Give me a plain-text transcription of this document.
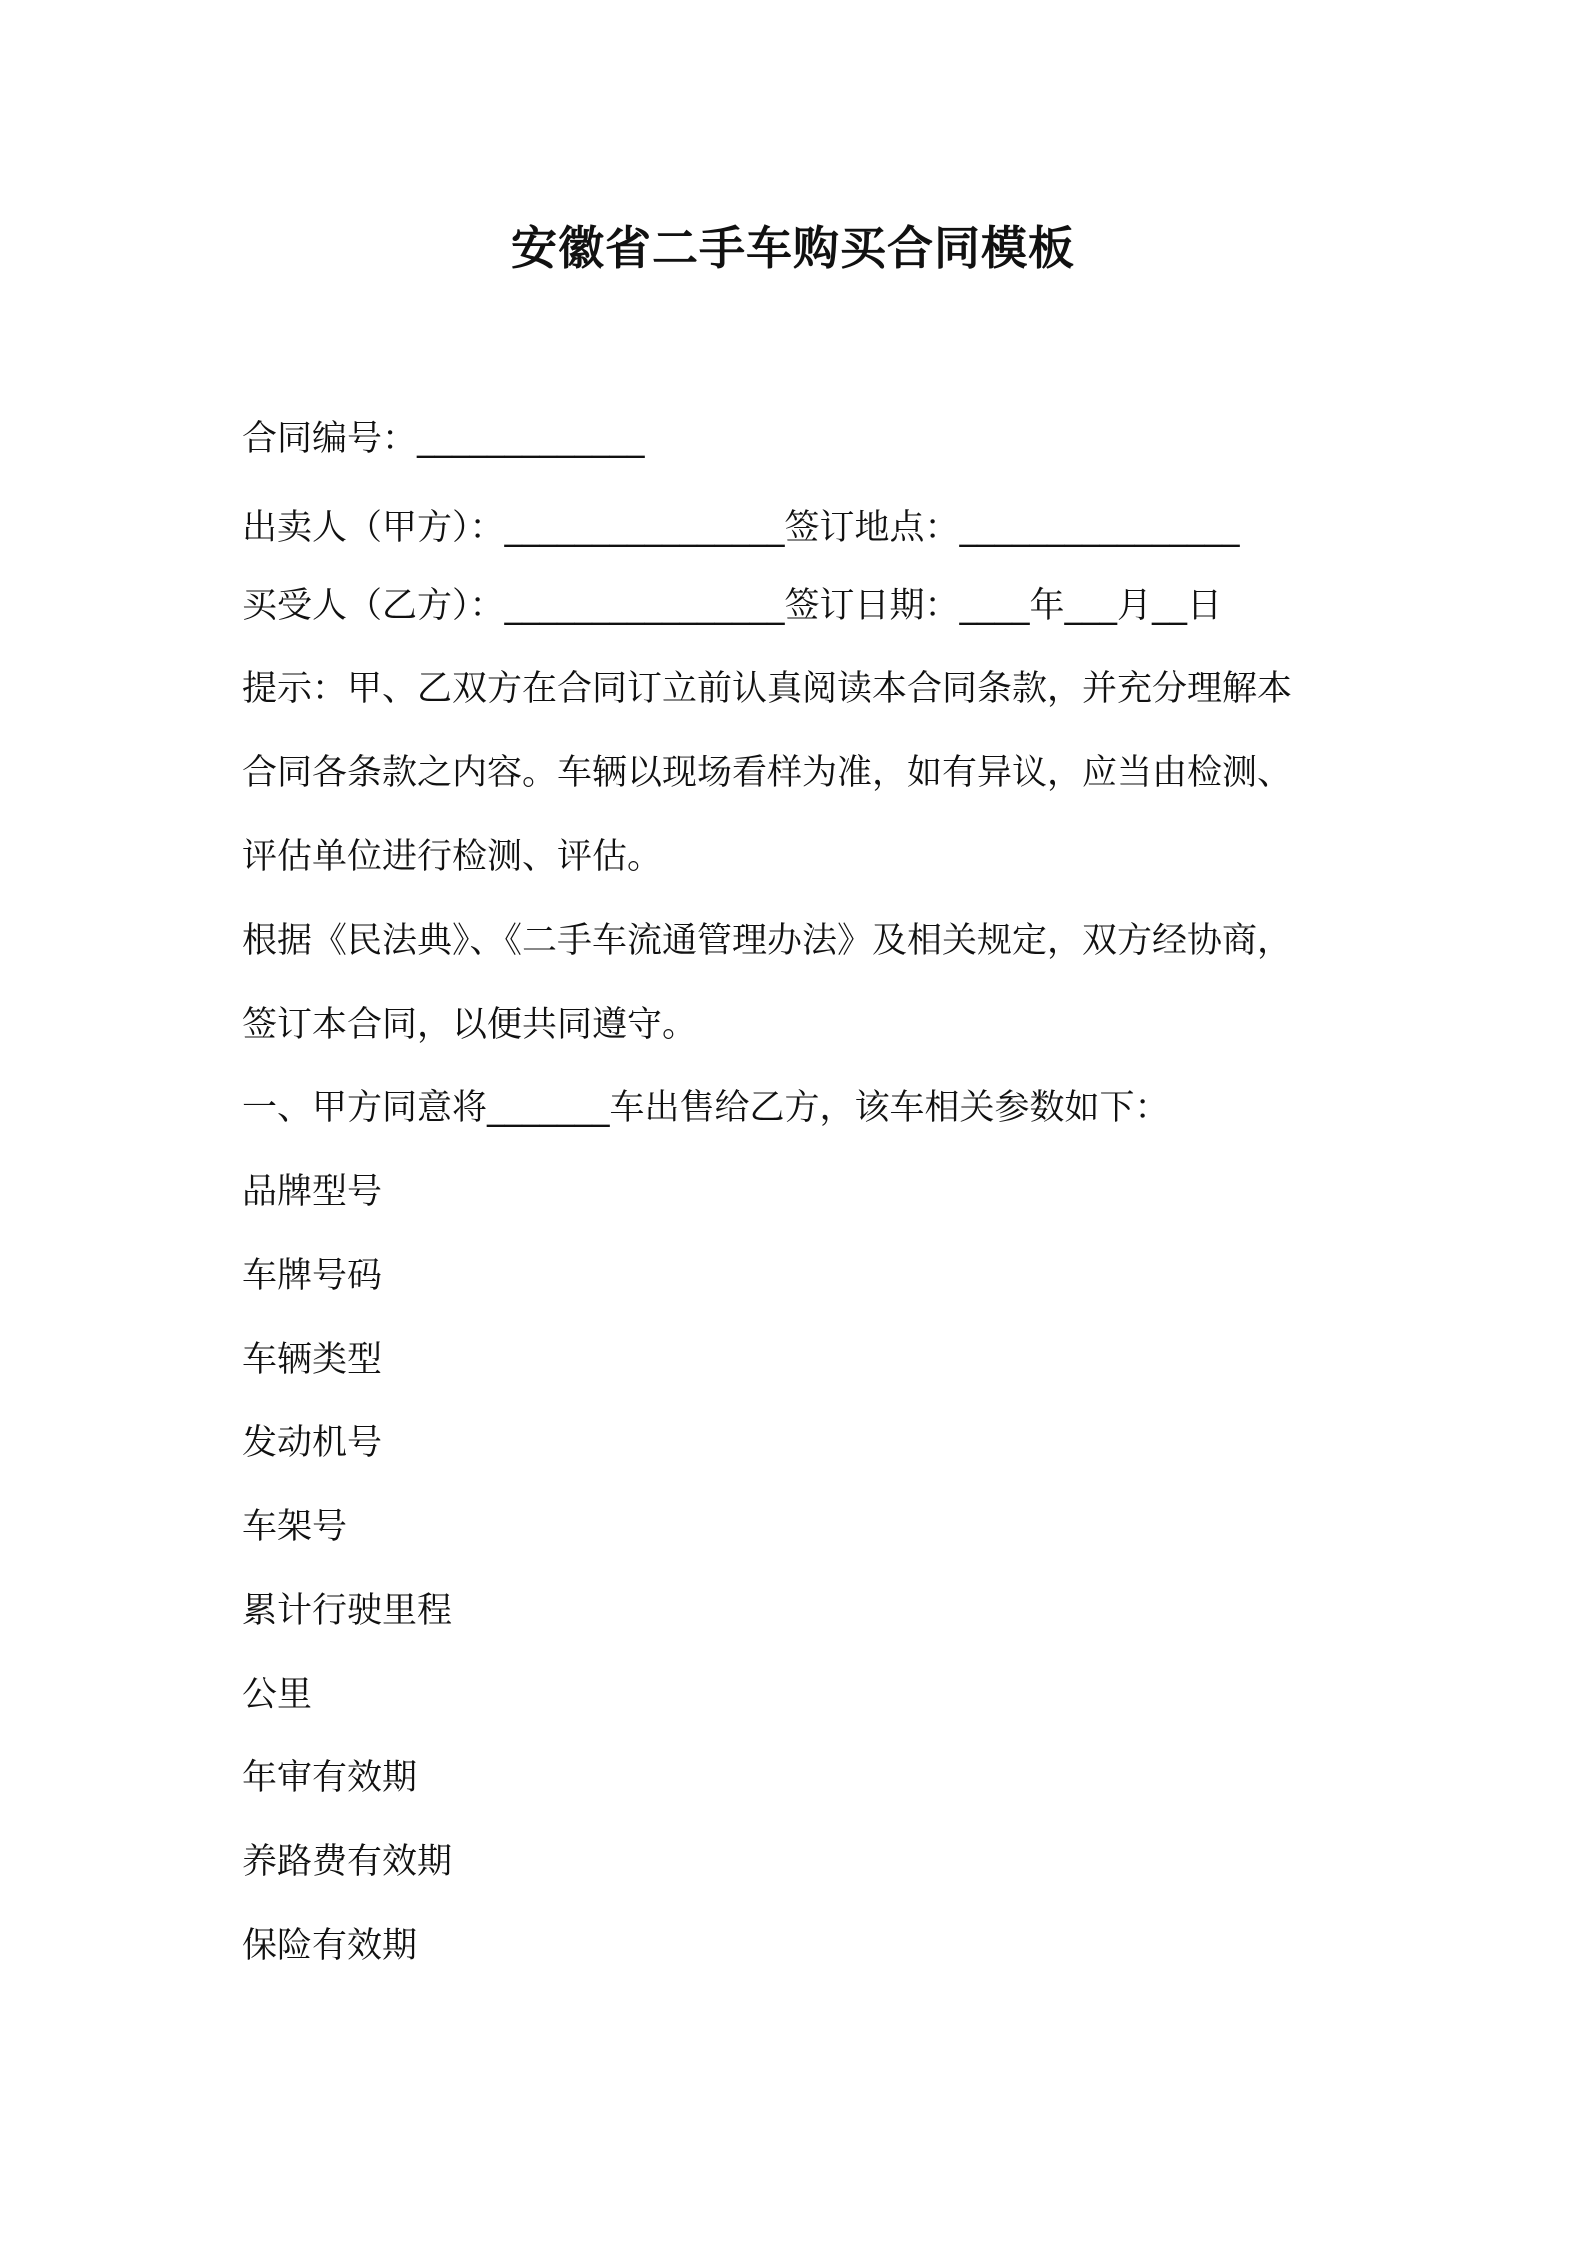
安徽省二手车购买合同模板
合同编号：_____________
出卖人（甲方）：________________签订地点：________________
买受人（乙方）：________________签订日期：____年___月__日
提示：甲、乙双方在合同订立前认真阅读本合同条款，并充分理解本
合同各条款之内容。车辆以现场看样为准，如有异议，应当由检测、
评估单位进行检测、评估。
根据《民法典》、《二手车流通管理办法》及相关规定，双方经协商，
签订本合同，以便共同遵守。
一、甲方同意将_______车出售给乙方，该车相关参数如下：
品牌型号
车牌号码
车辆类型
发动机号
车架号
累计行驶里程
公里
年审有效期
养路费有效期
保险有效期
